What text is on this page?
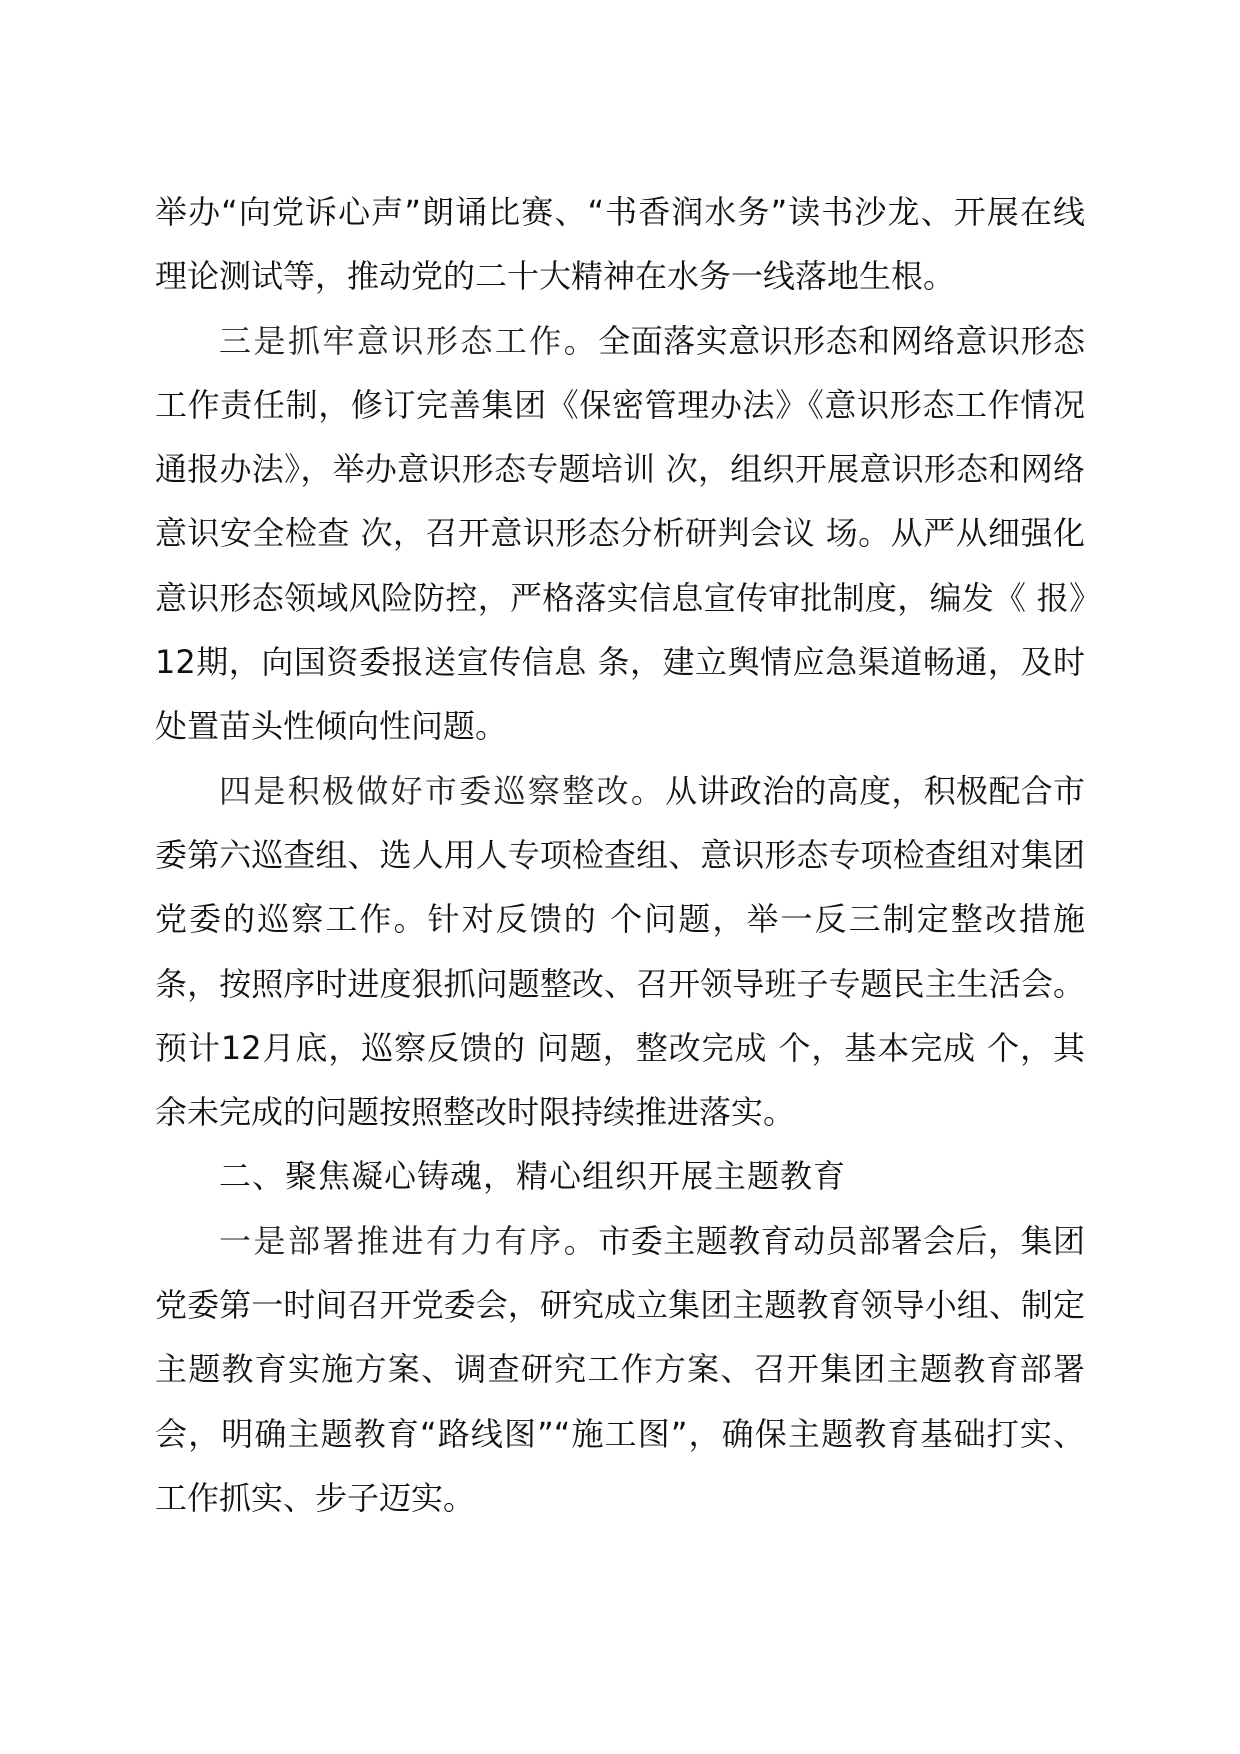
举办“向党诉心声”朗诵比赛、“书香润水务”读书沙龙、开展在线理论测试等，推动党的二十大精神在水务一线落地生根。

三是抓牢意识形态工作。全面落实意识形态和网络意识形态工作责任制，修订完善集团《保密管理办法》《意识形态工作情况通报办法》，举办意识形态专题培训 次，组织开展意识形态和网络意识安全检查 次，召开意识形态分析研判会议 场。从严从细强化意识形态领域风险防控，严格落实信息宣传审批制度，编发《 报》12期，向国资委报送宣传信息 条，建立舆情应急渠道畅通，及时处置苗头性倾向性问题。

四是积极做好市委巡察整改。从讲政治的高度，积极配合市委第六巡查组、选人用人专项检查组、意识形态专项检查组对集团党委的巡察工作。针对反馈的 个问题，举一反三制定整改措施 条，按照序时进度狠抓问题整改、召开领导班子专题民主生活会。预计12月底，巡察反馈的 问题，整改完成 个，基本完成 个，其余未完成的问题按照整改时限持续推进落实。

二、聚焦凝心铸魂，精心组织开展主题教育

一是部署推进有力有序。市委主题教育动员部署会后，集团党委第一时间召开党委会，研究成立集团主题教育领导小组、制定主题教育实施方案、调查研究工作方案、召开集团主题教育部署会，明确主题教育“路线图”“施工图”，确保主题教育基础打实、工作抓实、步子迈实。
